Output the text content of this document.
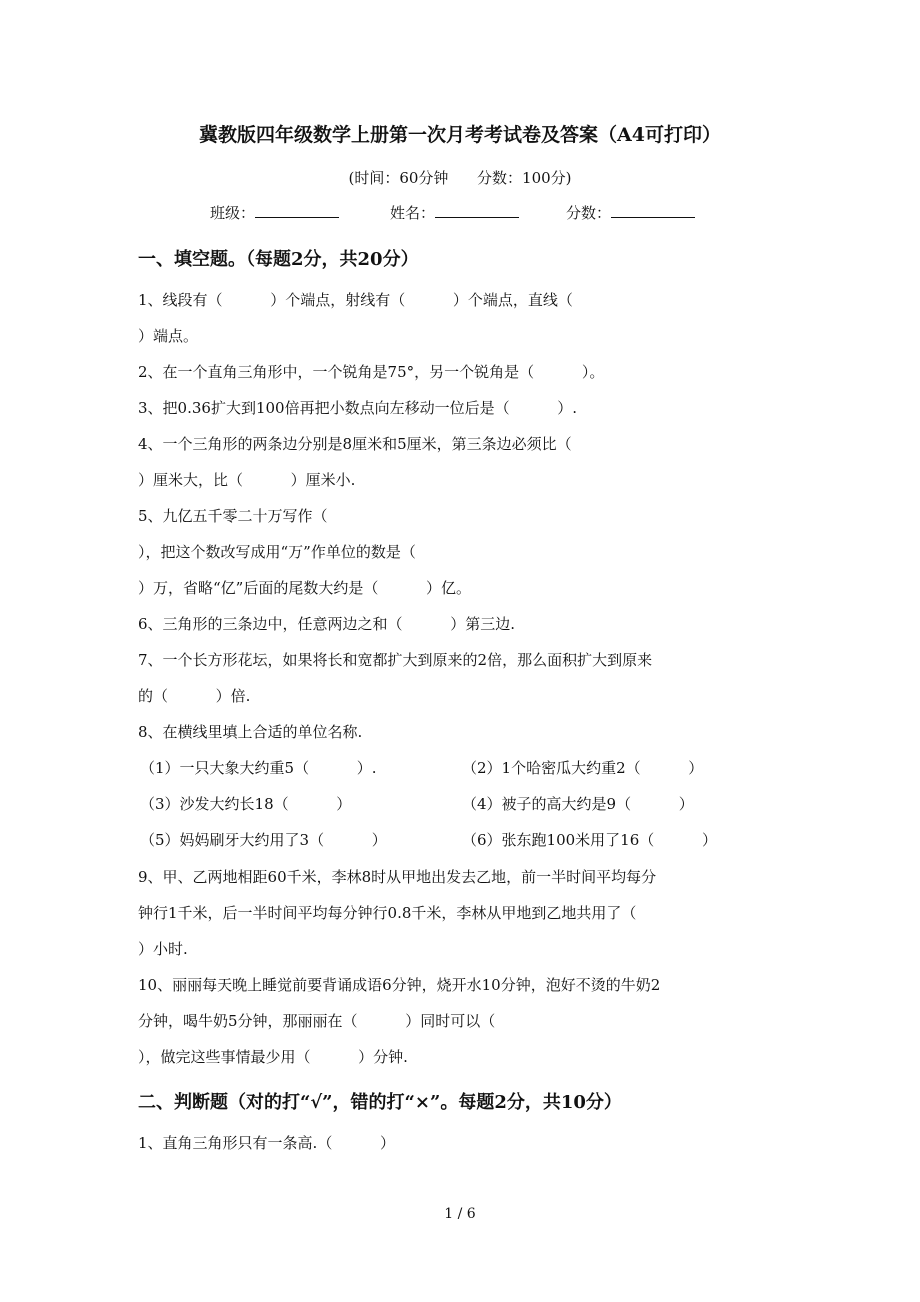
冀教版四年级数学上册第一次月考考试卷及答案（A4可打印）
(时间：60分钟      分数：100分)
班级：	姓名：	分数：
一、填空题。（每题2分，共20分）
1、线段有（          ）个端点，射线有（          ）个端点，直线（
）端点。
2、在一个直角三角形中，一个锐角是75°，另一个锐角是（          ）。
3、把0.36扩大到100倍再把小数点向左移动一位后是（          ）.
4、一个三角形的两条边分别是8厘米和5厘米，第三条边必须比（
）厘米大，比（          ）厘米小.
5、九亿五千零二十万写作（
），把这个数改写成用“万”作单位的数是（
）万，省略“亿”后面的尾数大约是（          ）亿。
6、三角形的三条边中，任意两边之和（          ）第三边.
7、一个长方形花坛，如果将长和宽都扩大到原来的2倍，那么面积扩大到原来
的（          ）倍.
8、在横线里填上合适的单位名称.
（1）一只大象大约重5（          ）.	（2）1个哈密瓜大约重2（          ）
（3）沙发大约长18（          ）	（4）被子的高大约是9（          ）
（5）妈妈刷牙大约用了3（          ）	（6）张东跑100米用了16（          ）
9、甲、乙两地相距60千米，李林8时从甲地出发去乙地，前一半时间平均每分
钟行1千米，后一半时间平均每分钟行0.8千米，李林从甲地到乙地共用了（
）小时.
10、丽丽每天晚上睡觉前要背诵成语6分钟，烧开水10分钟，泡好不烫的牛奶2
分钟，喝牛奶5分钟，那丽丽在（          ）同时可以（
），做完这些事情最少用（          ）分钟.
二、判断题（对的打“√”，错的打“×”。每题2分，共10分）
1、直角三角形只有一条高.（          ）
1 / 6
